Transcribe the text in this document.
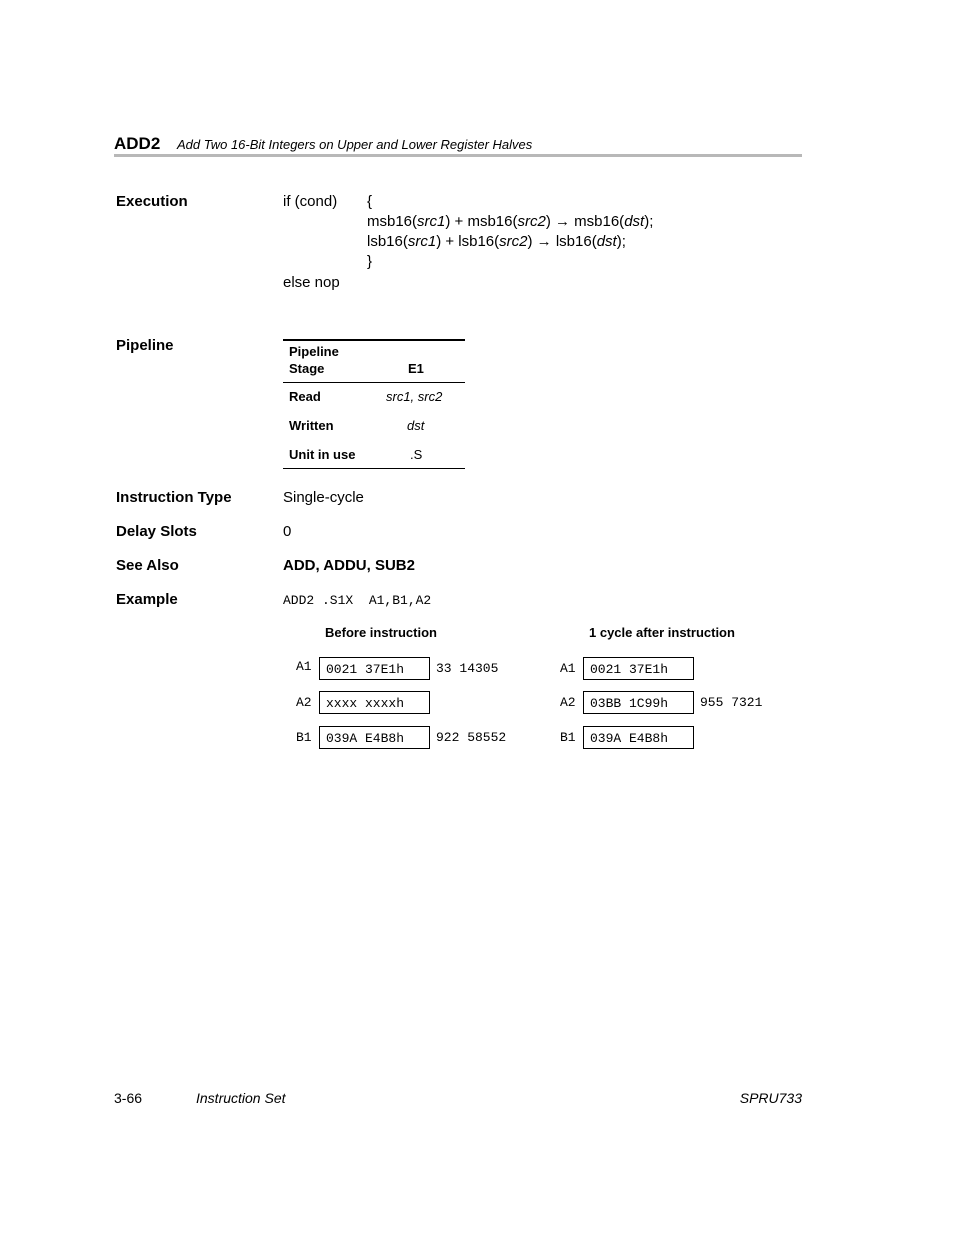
ADD2 Add Two 16-Bit Integers on Upper and Lower Register Halves
Execution	if (cond) {
msb16(src1) + msb16(src2) → msb16(dst);
lsb16(src1) + lsb16(src2) → lsb16(dst);
}
else nop
Pipeline	Pipeline
Stage	E1
Read	src1, src2
Written	dst
Unit in use	.S
Instruction Type	Single-cycle
Delay Slots	0
See Also	ADD, ADDU, SUB2
Example	ADD2 .S1X  A1,B1,A2
Before instruction	1 cycle after instruction
A1	0021 37E1h	33 14305
A2	xxxx xxxxh
B1	039A E4B8h	922 58552
A1	0021 37E1h
A2	03BB 1C99h	955 7321
B1	039A E4B8h
3-66	Instruction Set	SPRU733
